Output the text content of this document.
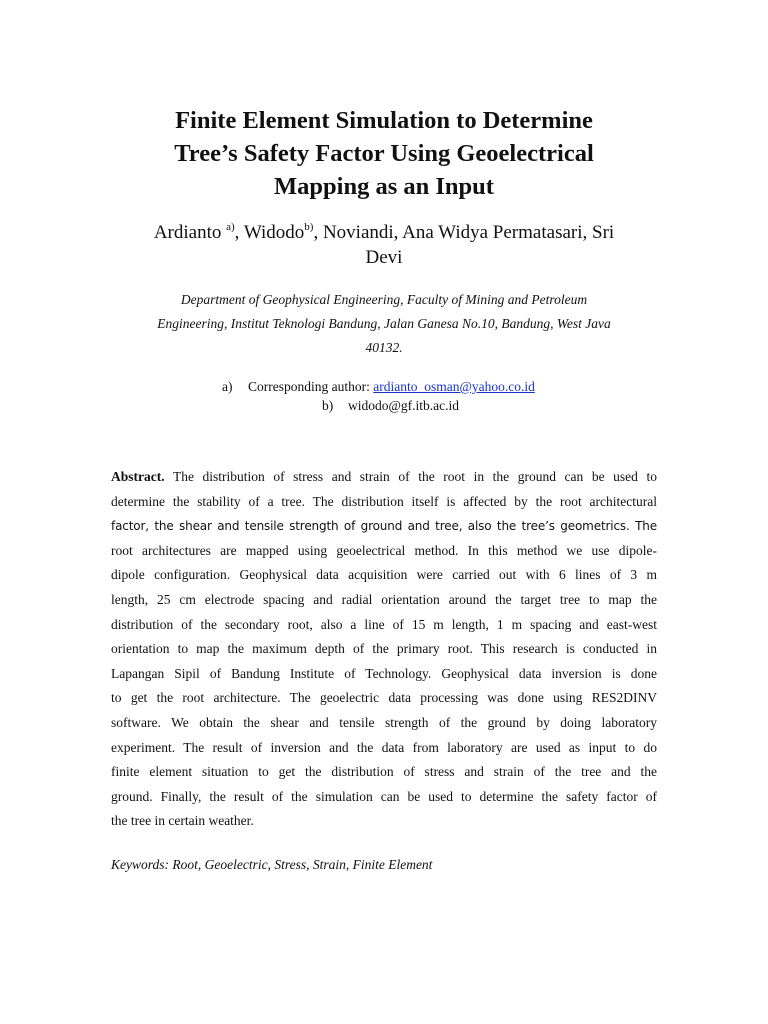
Finite Element Simulation to Determine
Tree’s Safety Factor Using Geoelectrical
Mapping as an Input
Ardianto $^{a)}$, Widodo$^{b)}$, Noviandi, Ana Widya Permatasari, Sri
Devi
Department of Geophysical Engineering, Faculty of Mining and Petroleum
Engineering, Institut Teknologi Bandung, Jalan Ganesa No.10, Bandung, West Java
40132.
a) Corresponding author: ardianto_osman@yahoo.co.id
b) widodo@gf.itb.ac.id
Abstract. The distribution of stress and strain of the root in the ground can be used to
determine the stability of a tree. The distribution itself is affected by the root architectural
factor, the shear and tensile strength of ground and tree, also the tree’s geometrics. The
root architectures are mapped using geoelectrical method. In this method we use dipole-
dipole configuration. Geophysical data acquisition were carried out with 6 lines of 3 m
length, 25 cm electrode spacing and radial orientation around the target tree to map the
distribution of the secondary root, also a line of 15 m length, 1 m spacing and east-west
orientation to map the maximum depth of the primary root. This research is conducted in
Lapangan Sipil of Bandung Institute of Technology. Geophysical data inversion is done
to get the root architecture. The geoelectric data processing was done using RES2DINV
software. We obtain the shear and tensile strength of the ground by doing laboratory
experiment. The result of inversion and the data from laboratory are used as input to do
finite element situation to get the distribution of stress and strain of the tree and the
ground. Finally, the result of the simulation can be used to determine the safety factor of
the tree in certain weather.
Keywords: Root, Geoelectric, Stress, Strain, Finite Element
